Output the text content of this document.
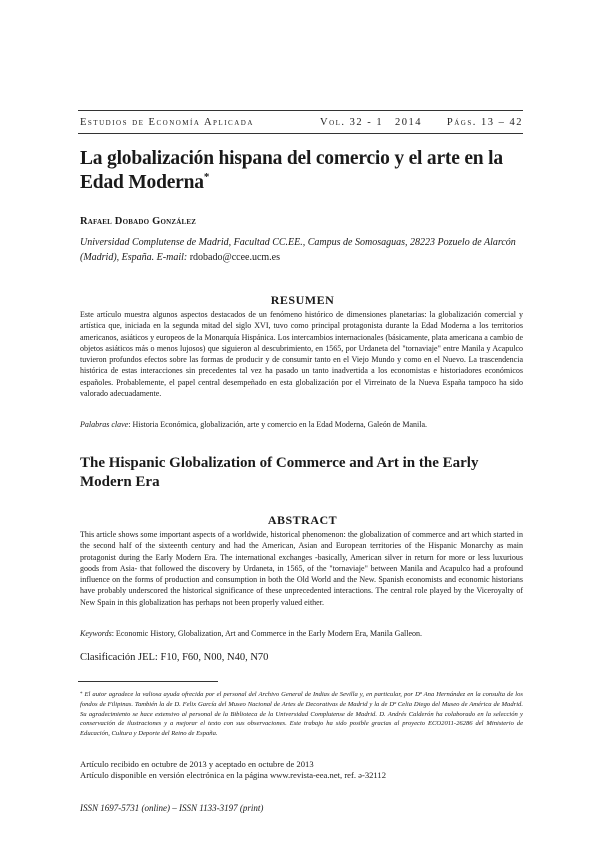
Estudios de Economía Aplicada	Vol. 32 - 1 2014 Págs. 13 – 42
La globalización hispana del comercio y el arte en la Edad Moderna*
Rafael Dobado González
Universidad Complutense de Madrid, Facultad CC.EE., Campus de Somosaguas, 28223 Pozuelo de Alarcón (Madrid), España. E-mail: rdobado@ccee.ucm.es
RESUMEN

Este artículo muestra algunos aspectos destacados de un fenómeno histórico de dimensiones planetarias: la globalización comercial y artística que, iniciada en la segunda mitad del siglo XVI, tuvo como principal protagonista durante la Edad Moderna a los territorios americanos, asiáticos y europeos de la Monarquía Hispánica. Los intercambios internacionales (básicamente, plata americana a cambio de objetos asiáticos más o menos lujosos) que siguieron al descubrimiento, en 1565, por Urdaneta del "tornaviaje" entre Manila y Acapulco tuvieron profundos efectos sobre las formas de producir y de consumir tanto en el Viejo Mundo y como en el Nuevo. La trascendencia histórica de estas interacciones sin precedentes tal vez ha pasado un tanto inadvertida a los economistas e historiadores económicos españoles. Probablemente, el papel central desempeñado en esta globalización por el Virreinato de la Nueva España tampoco ha sido valorado adecuadamente.

Palabras clave: Historia Económica, globalización, arte y comercio en la Edad Moderna, Galeón de Manila.
The Hispanic Globalization of Commerce and Art in the Early Modern Era
ABSTRACT

This article shows some important aspects of a worldwide, historical phenomenon: the globalization of commerce and art which started in the second half of the sixteenth century and had the American, Asian and European territories of the Hispanic Monarchy as main protagonist during the Early Modern Era. The international exchanges -basically, American silver in return for more or less luxurious goods from Asia- that followed the discovery by Urdaneta, in 1565, of the "tornaviaje" between Manila and Acapulco had a profound influence on the forms of production and consumption in both the Old World and the New. Spanish economists and economic historians have probably underscored the historical significance of these unprecedented interactions. The central role played by the Viceroyalty of New Spain in this globalization has perhaps not been properly valued either.

Keywords: Economic History, Globalization, Art and Commerce in the Early Modern Era, Manila Galleon.
Clasificación JEL: F10, F60, N00, N40, N70
* El autor agradece la valiosa ayuda ofrecida por el personal del Archivo General de Indias de Sevilla y, en particular, por Dª Ana Hernández en la consulta de los fondos de Filipinas. También la de D. Felix García del Museo Nacional de Artes de Decorativas de Madrid y la de Dª Celia Diego del Museo de América de Madrid. Su agradecimiento se hace extensivo al personal de la Biblioteca de la Universidad Complutense de Madrid. D. Andrés Calderón ha colaborado en la selección y conservación de ilustraciones y a mejorar el texto con sus observaciones. Este trabajo ha sido posible gracias al proyecto ECO2011-26286 del Ministerio de Educación, Cultura y Deporte del Reino de España.
Artículo recibido en octubre de 2013 y aceptado en octubre de 2013
Artículo disponible en versión electrónica en la página www.revista-eea.net, ref. ə-32112
ISSN 1697-5731 (online) – ISSN 1133-3197 (print)
